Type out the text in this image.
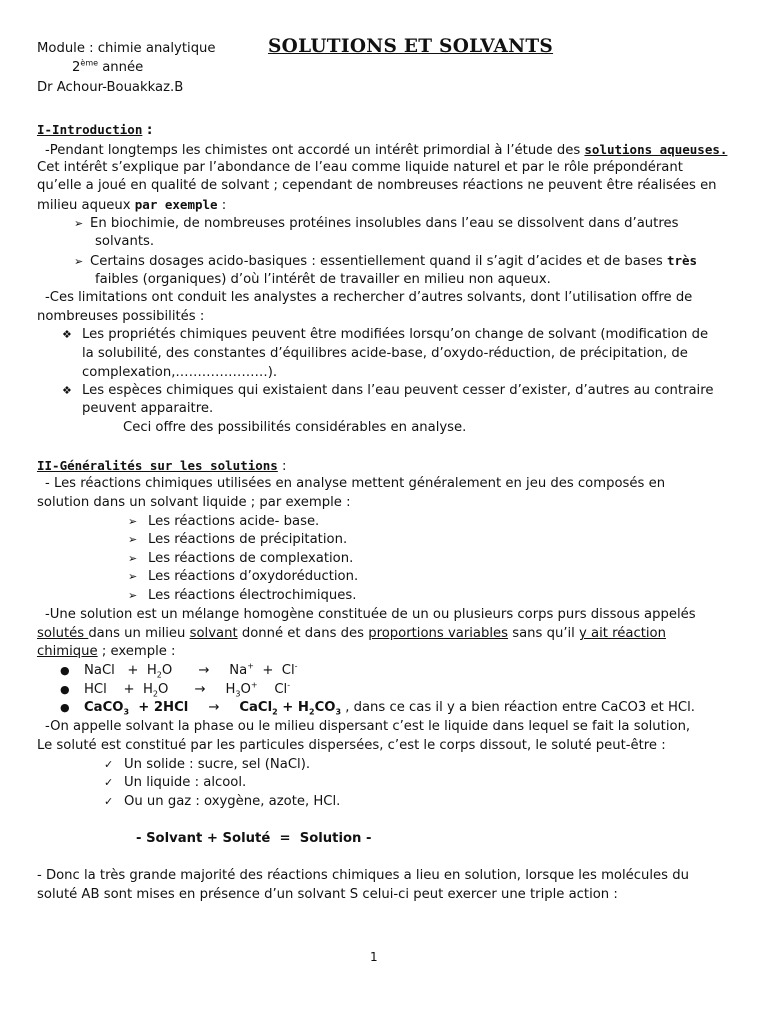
Module : chimie analytique	SOLUTIONS ET SOLVANTS
2ème année
Dr Achour-Bouakkaz.B
I-Introduction :
-Pendant longtemps les chimistes ont accordé un intérêt primordial à l’étude des solutions aqueuses.
Cet intérêt s’explique par l’abondance de l’eau comme liquide naturel et par le rôle prépondérant
qu’elle a joué en qualité de solvant ; cependant de nombreuses réactions ne peuvent être réalisées en
milieu aqueux par exemple :
➢ En biochimie, de nombreuses protéines insolubles dans l’eau se dissolvent dans d’autres
solvants.
➢ Certains dosages acido-basiques : essentiellement quand il s’agit d’acides et de bases très
faibles (organiques) d’où l’intérêt de travailler en milieu non aqueux.
-Ces limitations ont conduit les analystes a rechercher d’autres solvants, dont l’utilisation offre de
nombreuses possibilités :
❖ Les propriétés chimiques peuvent être modifiées lorsqu’on change de solvant (modification de
la solubilité, des constantes d’équilibres acide-base, d’oxydo-réduction, de précipitation, de
complexation,…………………).
❖ Les espèces chimiques qui existaient dans l’eau peuvent cesser d’exister, d’autres au contraire
peuvent apparaitre.
Ceci offre des possibilités considérables en analyse.
II-Généralités sur les solutions :
- Les réactions chimiques utilisées en analyse mettent généralement en jeu des composés en
solution dans un solvant liquide ; par exemple :
➢ Les réactions acide- base.
➢ Les réactions de précipitation.
➢ Les réactions de complexation.
➢ Les réactions d’oxydoréduction.
➢ Les réactions électrochimiques.
-Une solution est un mélange homogène constituée de un ou plusieurs corps purs dissous appelés
solutés dans un milieu solvant donné et dans des proportions variables sans qu’il y ait réaction
chimique ; exemple :
● NaCl   +  $H_2O \to Na^+ + Cl^-$
● HCl    +  $H_2O \to H_3O^+$    Cl-
● CaCO$_3$  + 2HCl → CaCl$_2$ + $H_2CO_3$ , dans ce cas il y a bien réaction entre CaCO3 et HCl.
-On appelle solvant la phase ou le milieu dispersant c’est le liquide dans lequel se fait la solution,
Le soluté est constitué par les particules dispersées, c’est le corps dissout, le soluté peut-être :
✓ Un solide : sucre, sel (NaCl).
✓ Un liquide : alcool.
✓ Ou un gaz : oxygène, azote, HCl.
- Solvant + Soluté  =  Solution -
- Donc la très grande majorité des réactions chimiques a lieu en solution, lorsque les molécules du
soluté AB sont mises en présence d’un solvant S celui-ci peut exercer une triple action :
1
